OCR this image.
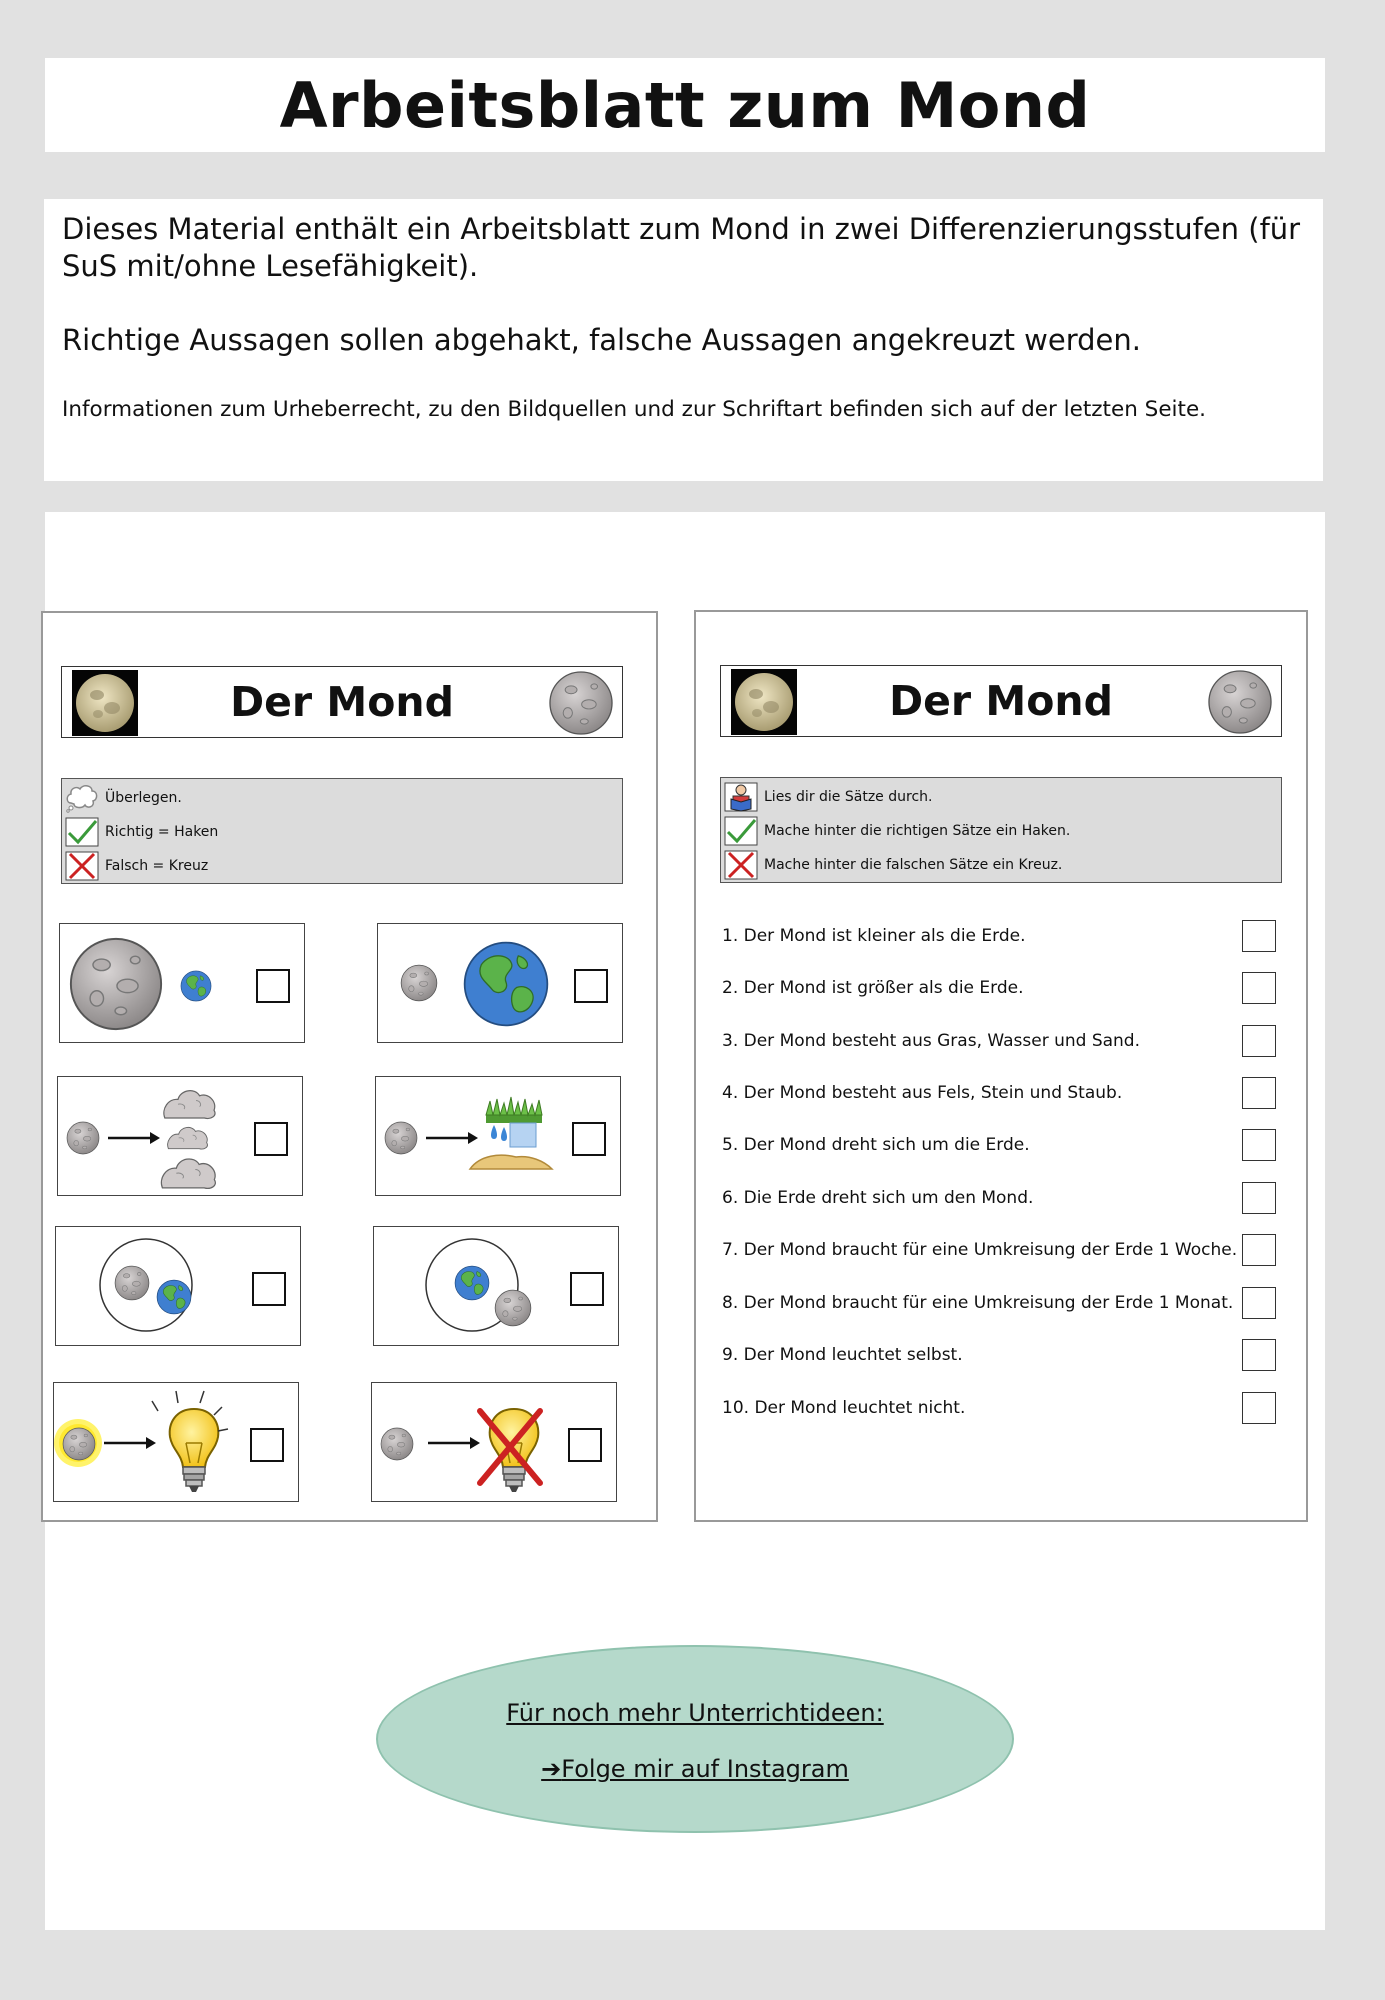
Arbeitsblatt zum Mond

Dieses Material enthält ein Arbeitsblatt zum Mond in zwei Differenzierungsstufen (für SuS mit/ohne Lesefähigkeit).

Richtige Aussagen sollen abgehakt, falsche Aussagen angekreuzt werden.

Informationen zum Urheberrecht, zu den Bildquellen und zur Schriftart befinden sich auf der letzten Seite.

Der Mond
Überlegen.
Richtig = Haken
Falsch = Kreuz
Der Mond
Lies dir die Sätze durch.
Mache hinter die richtigen Sätze ein Haken.
Mache hinter die falschen Sätze ein Kreuz.
1. Der Mond ist kleiner als die Erde.
2. Der Mond ist größer als die Erde.
3. Der Mond besteht aus Gras, Wasser und Sand.
4. Der Mond besteht aus Fels, Stein und Staub.
5. Der Mond dreht sich um die Erde.
6. Die Erde dreht sich um den Mond.
7. Der Mond braucht für eine Umkreisung der Erde 1 Woche.
8. Der Mond braucht für eine Umkreisung der Erde 1 Monat.
9. Der Mond leuchtet selbst.
10. Der Mond leuchtet nicht.
Für noch mehr Unterrichtideen:
➔Folge mir auf Instagram
